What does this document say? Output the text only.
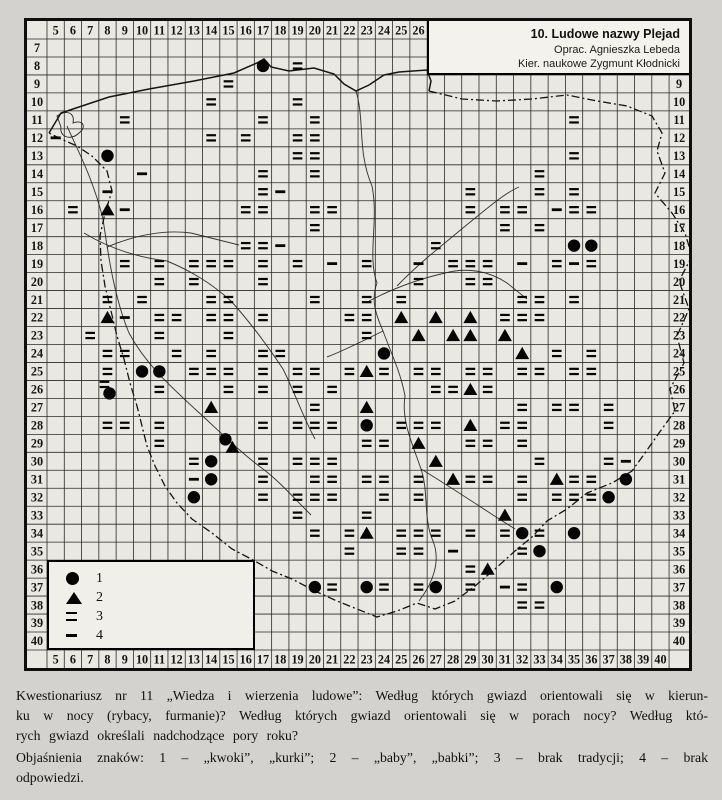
5 6 7 8 9 10 11 12 13 14 15 16 17 18 19 20 21 22 23 24 25 26
7
8
9
10
11
12
13
14
15
16
17
18
19
20
21
22
23
24
25
26
27
28
29
30
31
32
33
34
35
36
37
38
39
40
9
10
11
12
13
14
15
16
17
18
19
20
21
22
23
24
25
26
27
28
29
30
31
32
33
34
35
36
37
38
39
40
5 6 7 8 9 10 11 12 13 14 15 16 17 18 19 20 21 22 23 24 25 26 27 28 29 30 31 32 33 34 35 36 37 38 39 40
10. Ludowe nazwy Plejad
Oprac. Agnieszka Lebeda
Kier. naukowe Zygmunt Kłodnicki
1
2
3
4
Kwestionariusz nr 11 „Wiedza i wierzenia ludowe”: Według których gwiazd orientowali się w kierun-
ku w nocy (rybacy, furmanie)? Według których gwiazd orientowali się w porach nocy? Według któ-
rych gwiazd określali nadchodzące pory roku?
Objaśnienia znaków: 1 – „kwoki”, „kurki”; 2 – „baby”, „babki”; 3 – brak tradycji; 4 – brak
odpowiedzi.
